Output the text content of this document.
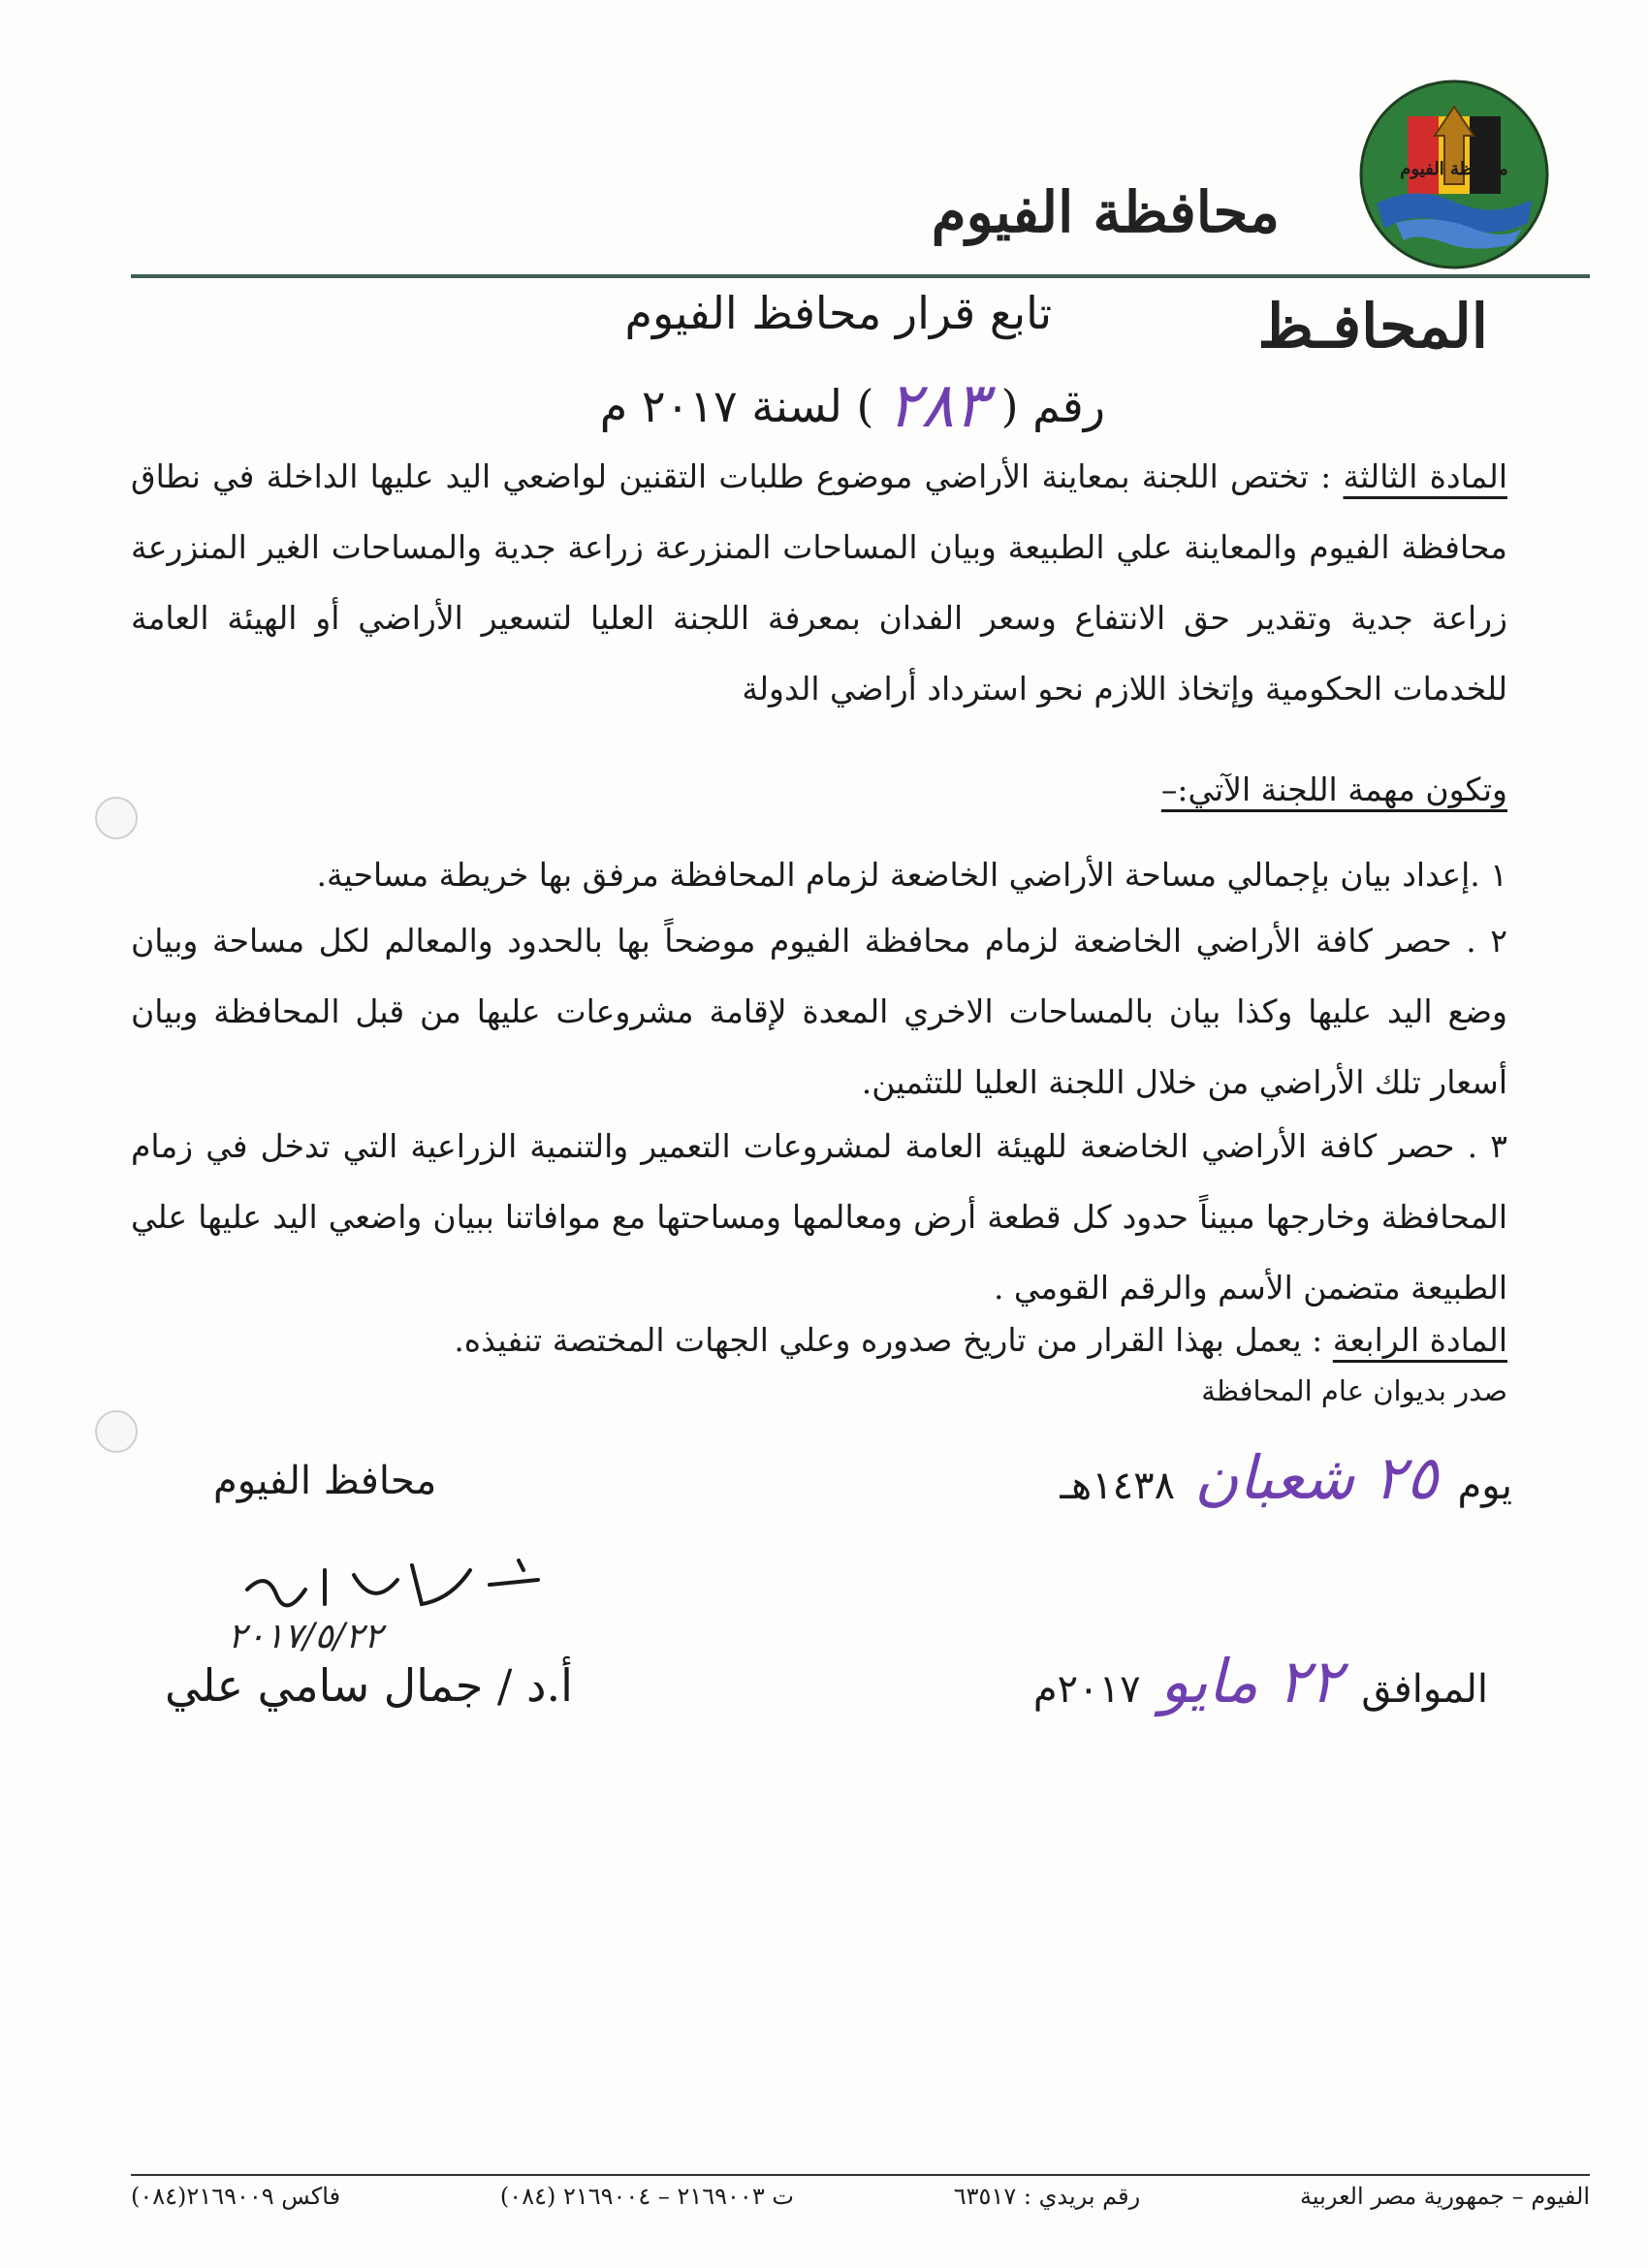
محافظة الفيوم
محافظة الفيوم
المحافـظ
تابع قرار محافظ الفيوم
رقم (
٢٨٣
) لسنة ٢٠١٧ م
المادة الثالثة : تختص اللجنة بمعاينة الأراضي موضوع طلبات التقنين لواضعي اليد عليها الداخلة في نطاق محافظة الفيوم والمعاينة علي الطبيعة وبيان المساحات المنزرعة زراعة جدية والمساحات الغير المنزرعة زراعة جدية وتقدير حق الانتفاع وسعر الفدان بمعرفة اللجنة العليا لتسعير الأراضي أو الهيئة العامة للخدمات الحكومية وإتخاذ اللازم نحو استرداد أراضي الدولة
وتكون مهمة اللجنة الآتي:–
١ .إعداد بيان بإجمالي مساحة الأراضي الخاضعة لزمام المحافظة مرفق بها خريطة مساحية.
٢ . حصر كافة الأراضي الخاضعة لزمام محافظة الفيوم موضحاً بها بالحدود والمعالم لكل مساحة وبيان وضع اليد عليها وكذا بيان بالمساحات الاخري المعدة لإقامة مشروعات عليها من قبل المحافظة وبيان أسعار تلك الأراضي من خلال اللجنة العليا للتثمين.
٣ . حصر كافة الأراضي الخاضعة للهيئة العامة لمشروعات التعمير والتنمية الزراعية التي تدخل في زمام المحافظة وخارجها مبيناً حدود كل قطعة أرض ومعالمها ومساحتها مع موافاتنا ببيان واضعي اليد عليها علي الطبيعة متضمن الأسم والرقم القومي .
المادة الرابعة : يعمل بهذا القرار من تاريخ صدوره وعلي الجهات المختصة تنفيذه.
صدر بديوان عام المحافظة
يوم
٢٥ شعبان
١٤٣٨هـ
الموافق
٢٢ مايو
٢٠١٧م
محافظ الفيوم
٢٠١٧/٥/٢٢
أ.د / جمال سامي علي
الفيوم – جمهورية مصر العربية
رقم بريدي : ٦٣٥١٧
ت ٢١٦٩٠٠٣ – ٢١٦٩٠٠٤ (٠٨٤)
فاكس ٢١٦٩٠٠٩(٠٨٤)
